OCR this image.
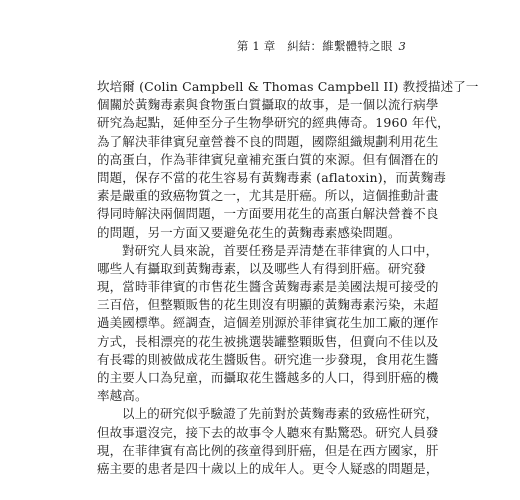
第 1 章　糾結：維繫體特之眼 3
坎培爾 (Colin Campbell & Thomas Campbell II) 教授描述了一
個關於黃麴毒素與食物蛋白質攝取的故事，是一個以流行病學
研究為起點，延伸至分子生物學研究的經典傳奇。1960 年代，
為了解決菲律賓兒童營養不良的問題，國際組織規劃利用花生
的高蛋白，作為菲律賓兒童補充蛋白質的來源。但有個潛在的
問題，保存不當的花生容易有黃麴毒素 (aflatoxin)，而黃麴毒
素是嚴重的致癌物質之一，尤其是肝癌。所以，這個推動計畫
得同時解決兩個問題，一方面要用花生的高蛋白解決營養不良
的問題，另一方面又要避免花生的黃麴毒素感染問題。
對研究人員來說，首要任務是弄清楚在菲律賓的人口中，
哪些人有攝取到黃麴毒素，以及哪些人有得到肝癌。研究發
現，當時菲律賓的市售花生醬含黃麴毒素是美國法規可接受的
三百倍，但整顆販售的花生則沒有明顯的黃麴毒素污染，未超
過美國標準。經調查，這個差別源於菲律賓花生加工廠的運作
方式，長相漂亮的花生被挑選裝罐整顆販售，但賣向不佳以及
有長霉的則被做成花生醬販售。研究進一步發現，食用花生醬
的主要人口為兒童，而攝取花生醬越多的人口，得到肝癌的機
率越高。
以上的研究似乎驗證了先前對於黃麴毒素的致癌性研究，
但故事還沒完，接下去的故事令人聽來有點驚恐。研究人員發
現，在菲律賓有高比例的孩童得到肝癌，但是在西方國家，肝
癌主要的患者是四十歲以上的成年人。更令人疑惑的問題是，
